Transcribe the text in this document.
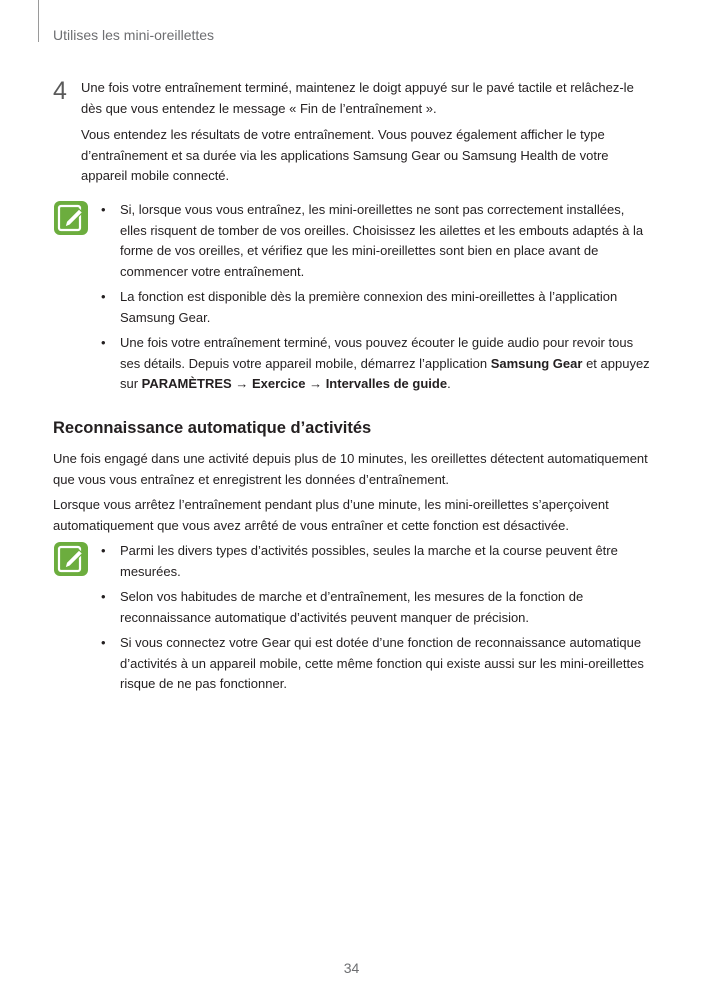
Utilises les mini-oreillettes
4 Une fois votre entraînement terminé, maintenez le doigt appuyé sur le pavé tactile et relâchez-le dès que vous entendez le message « Fin de l’entraînement ».

Vous entendez les résultats de votre entraînement. Vous pouvez également afficher le type d’entraînement et sa durée via les applications Samsung Gear ou Samsung Health de votre appareil mobile connecté.

• Si, lorsque vous vous entraînez, les mini-oreillettes ne sont pas correctement installées, elles risquent de tomber de vos oreilles. Choisissez les ailettes et les embouts adaptés à la forme de vos oreilles, et vérifiez que les mini-oreillettes sont bien en place avant de commencer votre entraînement.
• La fonction est disponible dès la première connexion des mini-oreillettes à l’application Samsung Gear.
• Une fois votre entraînement terminé, vous pouvez écouter le guide audio pour revoir tous ses détails. Depuis votre appareil mobile, démarrez l’application Samsung Gear et appuyez sur PARAMÈTRES → Exercice → Intervalles de guide.
Reconnaissance automatique d’activités

Une fois engagé dans une activité depuis plus de 10 minutes, les oreillettes détectent automatiquement que vous vous entraînez et enregistrent les données d’entraînement.

Lorsque vous arrêtez l’entraînement pendant plus d’une minute, les mini-oreillettes s’aperçoivent automatiquement que vous avez arrêté de vous entraîner et cette fonction est désactivée.

• Parmi les divers types d’activités possibles, seules la marche et la course peuvent être mesurées.
• Selon vos habitudes de marche et d’entraînement, les mesures de la fonction de reconnaissance automatique d’activités peuvent manquer de précision.
• Si vous connectez votre Gear qui est dotée d’une fonction de reconnaissance automatique d’activités à un appareil mobile, cette même fonction qui existe aussi sur les mini-oreillettes risque de ne pas fonctionner.
34
